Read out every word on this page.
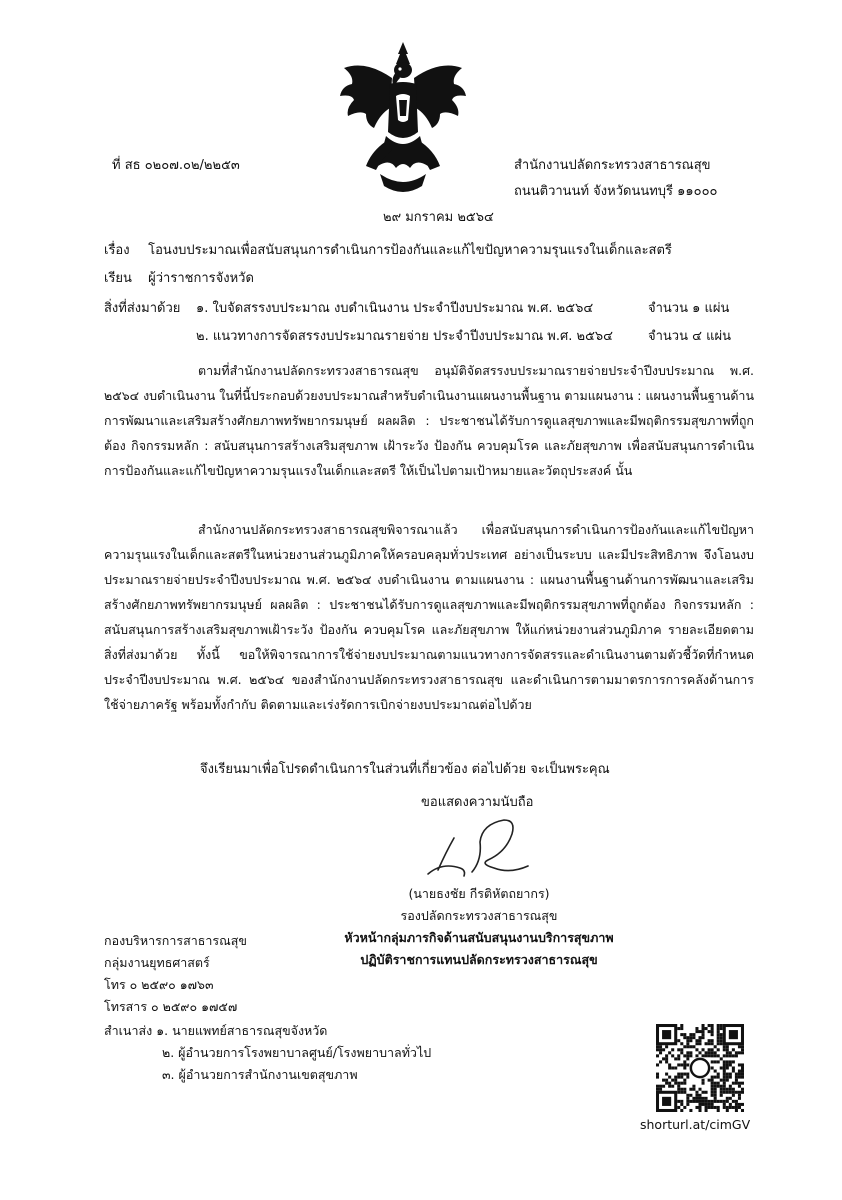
ที่ สธ ๐๒๐๗.๐๒/๒๒๕๓	สำนักงานปลัดกระทรวงสาธารณสุข
ถนนติวานนท์ จังหวัดนนทบุรี ๑๑๐๐๐
๒๙ มกราคม ๒๕๖๔
เรื่อง โอนงบประมาณเพื่อสนับสนุนการดำเนินการป้องกันและแก้ไขปัญหาความรุนแรงในเด็กและสตรี
เรียน ผู้ว่าราชการจังหวัด
สิ่งที่ส่งมาด้วย ๑. ใบจัดสรรงบประมาณ งบดำเนินงาน ประจำปีงบประมาณ พ.ศ. ๒๕๖๔	จำนวน ๑ แผ่น
๒. แนวทางการจัดสรรงบประมาณรายจ่าย ประจำปีงบประมาณ พ.ศ. ๒๕๖๔	จำนวน ๔ แผ่น
ตามที่สำนักงานปลัดกระทรวงสาธารณสุข อนุมัติจัดสรรงบประมาณรายจ่ายประจำปีงบประมาณ พ.ศ. ๒๕๖๔ งบดำเนินงาน ในที่นี้ประกอบด้วยงบประมาณสำหรับดำเนินงานแผนงานพื้นฐาน ตามแผนงาน : แผนงานพื้นฐานด้านการพัฒนาและเสริมสร้างศักยภาพทรัพยากรมนุษย์ ผลผลิต : ประชาชนได้รับการดูแลสุขภาพและมีพฤติกรรมสุขภาพที่ถูกต้อง กิจกรรมหลัก : สนับสนุนการสร้างเสริมสุขภาพ เฝ้าระวัง ป้องกัน ควบคุมโรค และภัยสุขภาพ เพื่อสนับสนุนการดำเนินการป้องกันและแก้ไขปัญหาความรุนแรงในเด็กและสตรี ให้เป็นไปตามเป้าหมายและวัตถุประสงค์ นั้น
สำนักงานปลัดกระทรวงสาธารณสุขพิจารณาแล้ว เพื่อสนับสนุนการดำเนินการป้องกันและแก้ไขปัญหาความรุนแรงในเด็กและสตรีในหน่วยงานส่วนภูมิภาคให้ครอบคลุมทั่วประเทศ อย่างเป็นระบบ และมีประสิทธิภาพ จึงโอนงบประมาณรายจ่ายประจำปีงบประมาณ พ.ศ. ๒๕๖๔ งบดำเนินงาน ตามแผนงาน : แผนงานพื้นฐานด้านการพัฒนาและเสริมสร้างศักยภาพทรัพยากรมนุษย์ ผลผลิต : ประชาชนได้รับการดูแลสุขภาพและมีพฤติกรรมสุขภาพที่ถูกต้อง กิจกรรมหลัก : สนับสนุนการสร้างเสริมสุขภาพเฝ้าระวัง ป้องกัน ควบคุมโรค และภัยสุขภาพ ให้แก่หน่วยงานส่วนภูมิภาค รายละเอียดตามสิ่งที่ส่งมาด้วย ทั้งนี้ ขอให้พิจารณาการใช้จ่ายงบประมาณตามแนวทางการจัดสรรและดำเนินงานตามตัวชี้วัดที่กำหนด ประจำปีงบประมาณ พ.ศ. ๒๕๖๔ ของสำนักงานปลัดกระทรวงสาธารณสุข และดำเนินการตามมาตรการการคลังด้านการใช้จ่ายภาครัฐ พร้อมทั้งกำกับ ติดตามและเร่งรัดการเบิกจ่ายงบประมาณต่อไปด้วย
จึงเรียนมาเพื่อโปรดดำเนินการในส่วนที่เกี่ยวข้อง ต่อไปด้วย จะเป็นพระคุณ
ขอแสดงความนับถือ
(นายธงชัย กีรติหัตถยากร)
รองปลัดกระทรวงสาธารณสุข
หัวหน้ากลุ่มภารกิจด้านสนับสนุนงานบริการสุขภาพ
ปฏิบัติราชการแทนปลัดกระทรวงสาธารณสุข
กองบริหารการสาธารณสุข
กลุ่มงานยุทธศาสตร์
โทร ๐ ๒๕๙๐ ๑๗๖๓
โทรสาร ๐ ๒๕๙๐ ๑๗๕๗
สำเนาส่ง ๑. นายแพทย์สาธารณสุขจังหวัด
๒. ผู้อำนวยการโรงพยาบาลศูนย์/โรงพยาบาลทั่วไป
๓. ผู้อำนวยการสำนักงานเขตสุขภาพ
shorturl.at/cimGV
